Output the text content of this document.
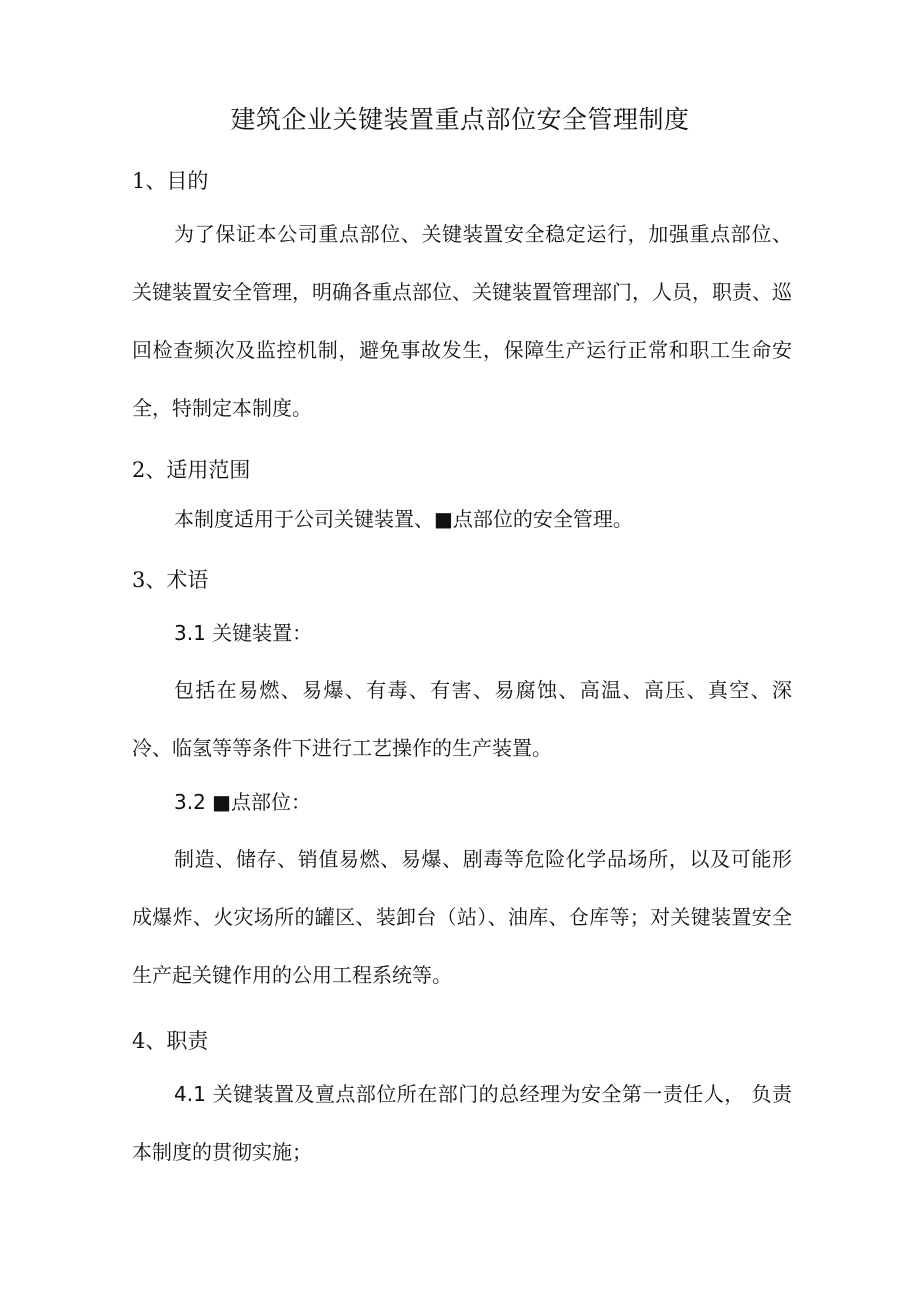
建筑企业关键装置重点部位安全管理制度
1、目的

为了保证本公司重点部位、关键装置安全稳定运行，加强重点部位、关键装置安全管理，明确各重点部位、关键装置管理部门，人员，职责、巡回检查频次及监控机制，避免事故发生，保障生产运行正常和职工生命安全，特制定本制度。

2、适用范围

本制度适用于公司关键装置、■点部位的安全管理。

3、术语
3.1 关键装置：

包括在易燃、易爆、有毒、有害、易腐蚀、高温、高压、真空、深冷、临氢等等条件下进行工艺操作的生产装置。

3.2 ■点部位：

制造、储存、销值易燃、易爆、剧毒等危险化学品场所，以及可能形成爆炸、火灾场所的罐区、装卸台（站）、油库、仓库等；对关键装置安全生产起关键作用的公用工程系统等。

4、职责

4.1 关键装置及亶点部位所在部门的总经理为安全第一责任人， 负责本制度的贯彻实施；
